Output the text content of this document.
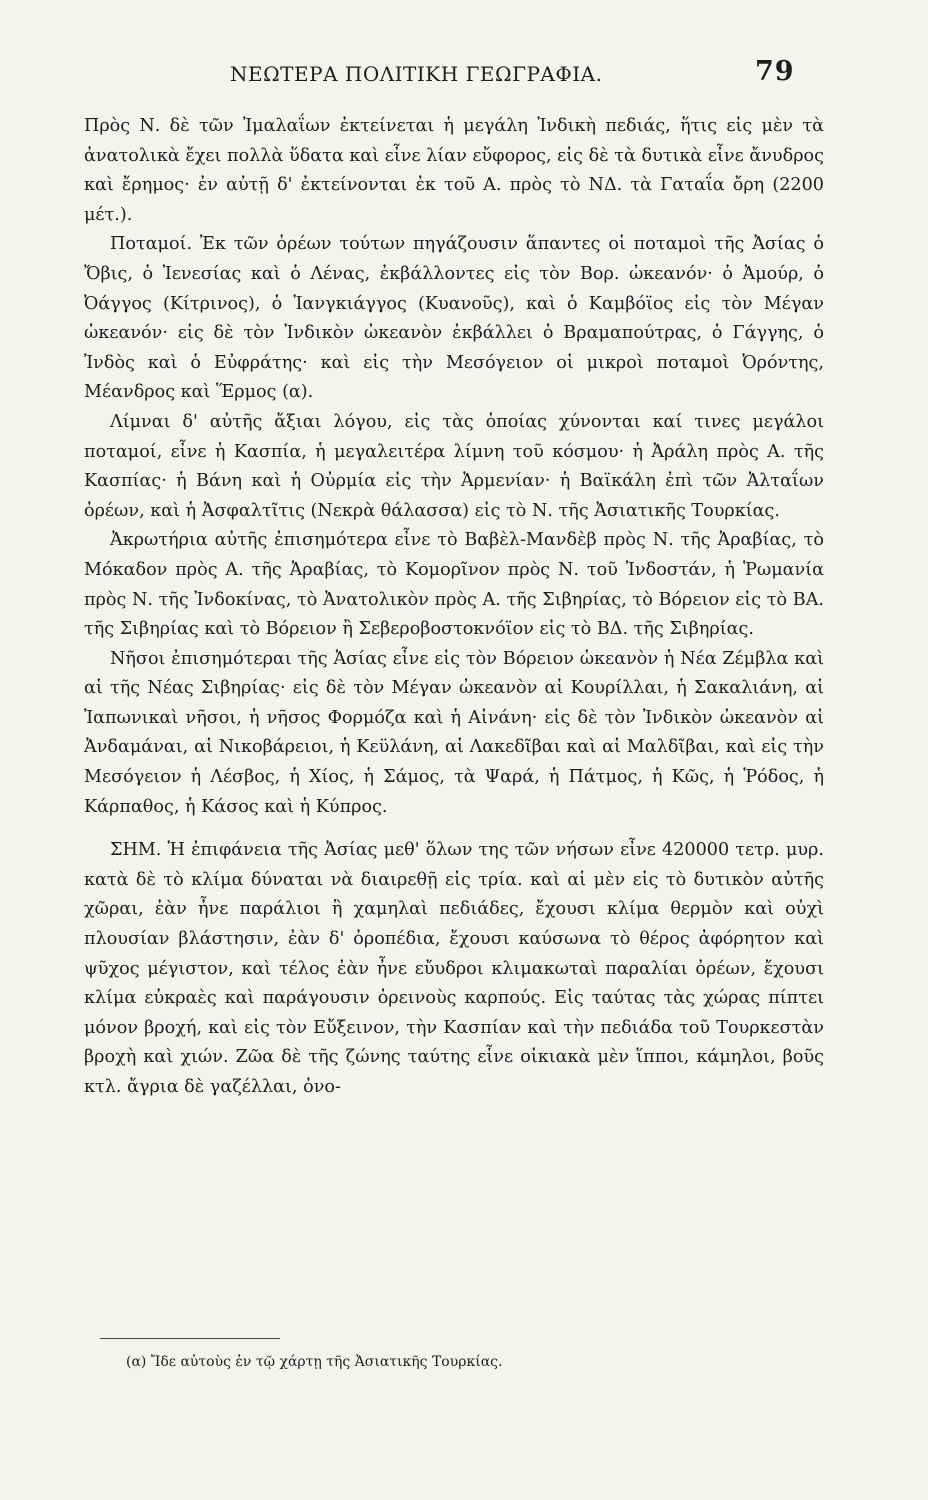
ΝΕΩΤΕΡΑ ΠΟΛΙΤΙΚΗ ΓΕΩΓΡΑΦΙΑ.	79

Πρὸς Ν. δὲ τῶν Ἰμαλαΐων ἐκτείνεται ἡ μεγάλη Ἰνδικὴ πεδιάς, ἥτις εἰς μὲν τὰ ἀνατολικὰ ἔχει πολλὰ ὕδατα καὶ εἶνε λίαν εὔφορος, εἰς δὲ τὰ δυτικὰ εἶνε ἄνυδρος καὶ ἔρημος· ἐν αὐτῇ δ' ἐκτείνονται ἐκ τοῦ Α. πρὸς τὸ ΝΔ. τὰ Γαταΐα ὄρη (2200 μέτ.).

Ποταμοί. Ἐκ τῶν ὀρέων τούτων πηγάζουσιν ἅπαντες οἱ ποταμοὶ τῆς Ἀσίας ὁ Ὄβις, ὁ Ἰενεσίας καὶ ὁ Λένας, ἐκβάλλοντες εἰς τὸν Βορ. ὠκεανόν· ὁ Ἀμούρ, ὁ Ὀάγγος (Κίτρινος), ὁ Ἰανγκιάγγος (Κυανοῦς), καὶ ὁ Καμβόϊος εἰς τὸν Μέγαν ὠκεανόν· εἰς δὲ τὸν Ἰνδικὸν ὠκεανὸν ἐκβάλλει ὁ Βραμαπούτρας, ὁ Γάγγης, ὁ Ἰνδὸς καὶ ὁ Εὐφράτης· καὶ εἰς τὴν Μεσόγειον οἱ μικροὶ ποταμοὶ Ὀρόντης, Μέανδρος καὶ Ἕρμος (α).

Λίμναι δ' αὐτῆς ἄξιαι λόγου, εἰς τὰς ὁποίας χύνονται καί τινες μεγάλοι ποταμοί, εἶνε ἡ Κασπία, ἡ μεγαλειτέρα λίμνη τοῦ κόσμου· ἡ Ἀράλη πρὸς Α. τῆς Κασπίας· ἡ Βάνη καὶ ἡ Οὐρμία εἰς τὴν Ἀρμενίαν· ἡ Βαϊκάλη ἐπὶ τῶν Ἀλταΐων ὀρέων, καὶ ἡ Ἀσφαλτῖτις (Νεκρὰ θάλασσα) εἰς τὸ Ν. τῆς Ἀσιατικῆς Τουρκίας.

Ἀκρωτήρια αὐτῆς ἐπισημότερα εἶνε τὸ Βαβὲλ-Μανδὲβ πρὸς Ν. τῆς Ἀραβίας, τὸ Μόκαδον πρὸς Α. τῆς Ἀραβίας, τὸ Κομορῖνον πρὸς Ν. τοῦ Ἰνδοστάν, ἡ Ῥωμανία πρὸς Ν. τῆς Ἰνδοκίνας, τὸ Ἀνατολικὸν πρὸς Α. τῆς Σιβηρίας, τὸ Βόρειον εἰς τὸ ΒΑ. τῆς Σιβηρίας καὶ τὸ Βόρειον ἢ Σεβεροβοστοκνόϊον εἰς τὸ ΒΔ. τῆς Σιβηρίας.

Νῆσοι ἐπισημότεραι τῆς Ἀσίας εἶνε εἰς τὸν Βόρειον ὠκεανὸν ἡ Νέα Ζέμβλα καὶ αἱ τῆς Νέας Σιβηρίας· εἰς δὲ τὸν Μέγαν ὠκεανὸν αἱ Κουρίλλαι, ἡ Σακαλιάνη, αἱ Ἰαπωνικαὶ νῆσοι, ἡ νῆσος Φορμόζα καὶ ἡ Αἰνάνη· εἰς δὲ τὸν Ἰνδικὸν ὠκεανὸν αἱ Ἀνδαμάναι, αἱ Νικοβάρειοι, ἡ Κεϋλάνη, αἱ Λακεδῖβαι καὶ αἱ Μαλδῖβαι, καὶ εἰς τὴν Μεσόγειον ἡ Λέσβος, ἡ Χίος, ἡ Σάμος, τὰ Ψαρά, ἡ Πάτμος, ἡ Κῶς, ἡ Ῥόδος, ἡ Κάρπαθος, ἡ Κάσος καὶ ἡ Κύπρος.

ΣΗΜ. Ἡ ἐπιφάνεια τῆς Ἀσίας μεθ' ὅλων της τῶν νήσων εἶνε 420000 τετρ. μυρ. κατὰ δὲ τὸ κλίμα δύναται νὰ διαιρεθῇ εἰς τρία. καὶ αἱ μὲν εἰς τὸ δυτικὸν αὐτῆς χῶραι, ἐὰν ἦνε παράλιοι ἢ χαμηλαὶ πεδιάδες, ἔχουσι κλίμα θερμὸν καὶ οὐχὶ πλουσίαν βλάστησιν, ἐὰν δ' ὀροπέδια, ἔχουσι καύσωνα τὸ θέρος ἀφόρητον καὶ ψῦχος μέγιστον, καὶ τέλος ἐὰν ἦνε εὔυδροι κλιμακωταὶ παραλίαι ὀρέων, ἔχουσι κλίμα εὐκραὲς καὶ παράγουσιν ὀρεινοὺς καρπούς. Εἰς ταύτας τὰς χώρας πίπτει μόνον βροχή, καὶ εἰς τὸν Εὔξεινον, τὴν Κασπίαν καὶ τὴν πεδιάδα τοῦ Τουρκεστὰν βροχὴ καὶ χιών. Ζῶα δὲ τῆς ζώνης ταύτης εἶνε οἰκιακὰ μὲν ἵπποι, κάμηλοι, βοῦς κτλ. ἄγρια δὲ γαζέλλαι, ὀνο-

(α) Ἴδε αὐτοὺς ἐν τῷ χάρτῃ τῆς Ἀσιατικῆς Τουρκίας.
